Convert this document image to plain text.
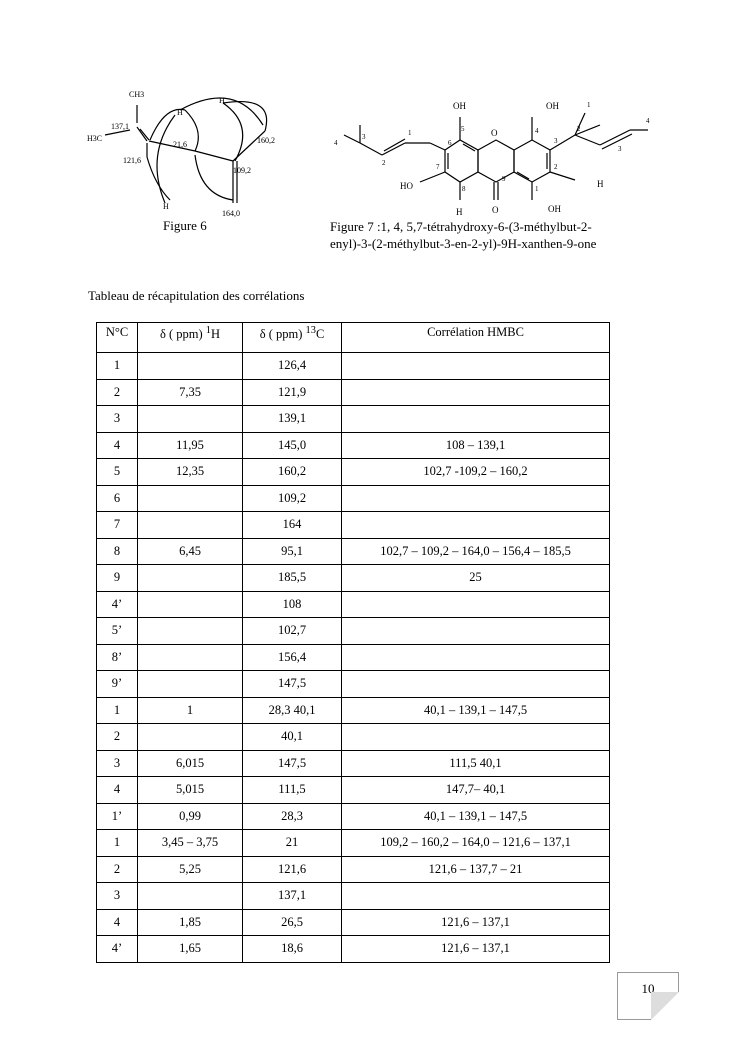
CH3
H3C
137,1
121,6
21,6
H
H
160,2
109,2
H
164,0
O
OH	OH
OH
HO
H
H
O
6
5
7
8
9
4
3
2
1
1
2
3
4
1
2
3
4
Figure 6	Figure 7 :1, 4, 5,7-tétrahydroxy-6-(3-méthylbut-2-
enyl)-3-(2-méthylbut-3-en-2-yl)-9H-xanthen-9-one
Tableau de récapitulation des corrélations
N°C	δ ( ppm) $^1$H	δ ( ppm) $^{13}$C	Corrélation HMBC
1		126,4	
2	7,35	121,9	
3		139,1	
4	11,95	145,0	108 – 139,1
5	12,35	160,2	102,7 -109,2 – 160,2
6		109,2	
7		164	
8	6,45	95,1	102,7 – 109,2 – 164,0 – 156,4 – 185,5
9		185,5	25
4’		108	
5’		102,7	
8’		156,4	
9’		147,5	
1	1	28,3 40,1	40,1 – 139,1 – 147,5
2		40,1	
3	6,015	147,5	111,5 40,1
4	5,015	111,5	147,7– 40,1
1’	0,99	28,3	40,1 – 139,1 – 147,5
1	3,45 – 3,75	21	109,2 – 160,2 – 164,0 – 121,6 – 137,1
2	5,25	121,6	121,6 – 137,7 – 21
3		137,1	
4	1,85	26,5	121,6 – 137,1
4’	1,65	18,6	121,6 – 137,1
10
